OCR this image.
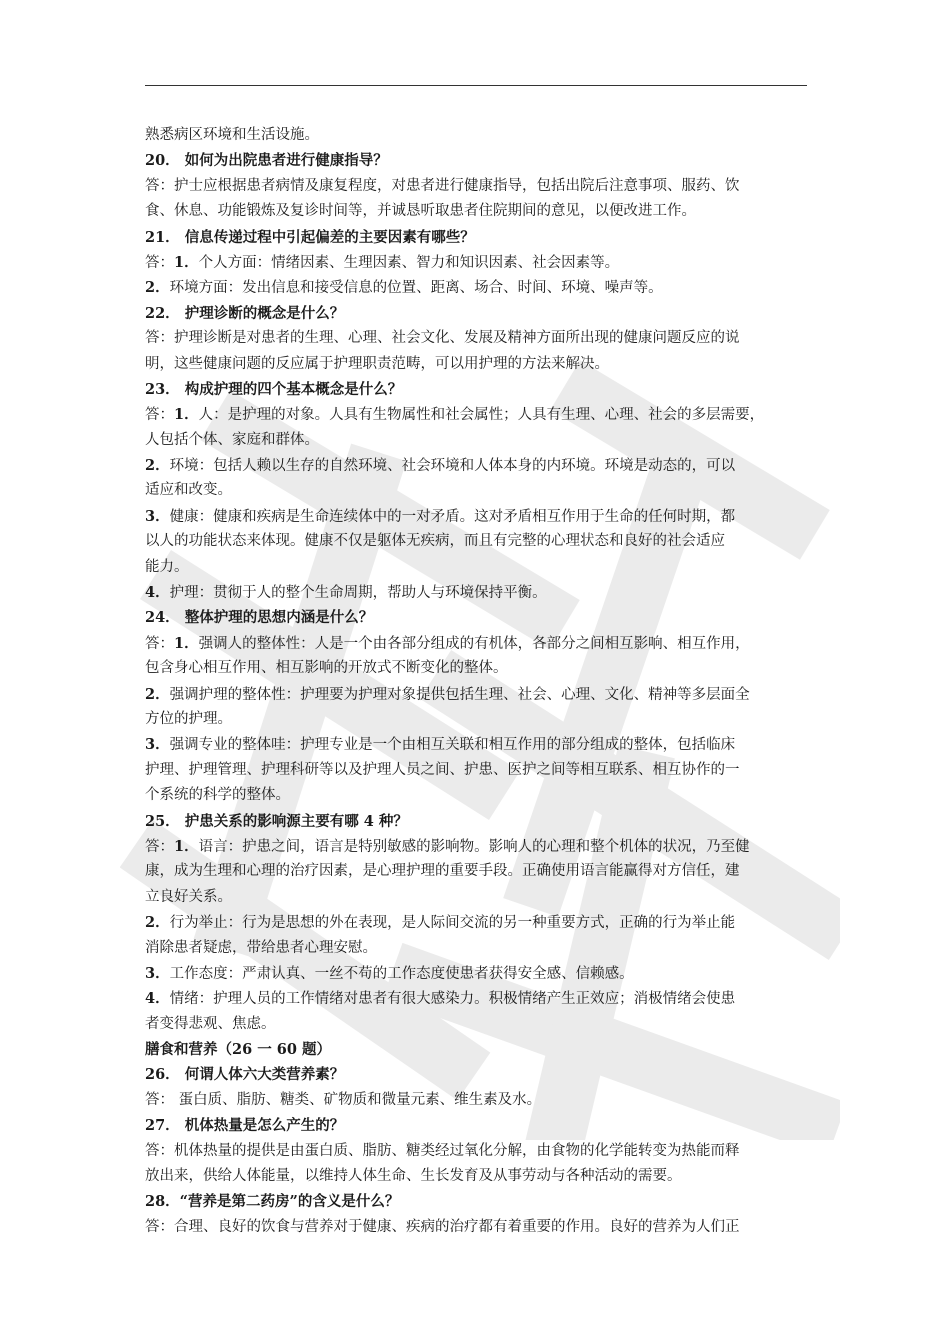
熟悉病区环境和生活设施。
20． 如何为出院患者进行健康指导？
答：护士应根据患者病情及康复程度，对患者进行健康指导，包括出院后注意事项、服药、饮
食、休息、功能锻炼及复诊时间等，并诚恳听取患者住院期间的意见，以便改进工作。
21． 信息传递过程中引起偏差的主要因素有哪些？
答：1．个人方面：情绪因素、生理因素、智力和知识因素、社会因素等。
2．环境方面：发出信息和接受信息的位置、距离、场合、时间、环境、噪声等。
22． 护理诊断的概念是什么？
答：护理诊断是对患者的生理、心理、社会文化、发展及精神方面所出现的健康问题反应的说
明，这些健康问题的反应属于护理职责范畴，可以用护理的方法来解决。
23． 构成护理的四个基本概念是什么？
答：1．人：是护理的对象。人具有生物属性和社会属性；人具有生理、心理、社会的多层需要，
人包括个体、家庭和群体。
2．环境：包括人赖以生存的自然环境、社会环境和人体本身的内环境。环境是动态的，可以
适应和改变。
3．健康：健康和疾病是生命连续体中的一对矛盾。这对矛盾相互作用于生命的任何时期，都
以人的功能状态来体现。健康不仅是躯体无疾病，而且有完整的心理状态和良好的社会适应
能力。
4．护理：贯彻于人的整个生命周期，帮助人与环境保持平衡。
24． 整体护理的思想内涵是什么？
答：1．强调人的整体性：人是一个由各部分组成的有机体，各部分之间相互影响、相互作用，
包含身心相互作用、相互影响的开放式不断变化的整体。
2．强调护理的整体性：护理要为护理对象提供包括生理、社会、心理、文化、精神等多层面全
方位的护理。
3．强调专业的整体哇：护理专业是一个由相互关联和相互作用的部分组成的整体，包括临床
护理、护理管理、护理科研等以及护理人员之间、护患、医护之间等相互联系、相互协作的一
个系统的科学的整体。
25． 护患关系的影响源主要有哪 4 种？
答：1．语言：护患之间，语言是特别敏感的影响物。影响人的心理和整个机体的状况，乃至健
康，成为生理和心理的治疗因素，是心理护理的重要手段。正确使用语言能赢得对方信任，建
立良好关系。
2．行为举止：行为是思想的外在表现，是人际间交流的另一种重要方式，正确的行为举止能
消除患者疑虑，带给患者心理安慰。
3．工作态度：严肃认真、一丝不苟的工作态度使患者获得安全感、信赖感。
4．情绪：护理人员的工作情绪对患者有很大感染力。积极情绪产生正效应；消极情绪会使患
者变得悲观、焦虑。
膳食和营养（26 一 60 题）
26． 何谓人体六大类营养素？
答： 蛋白质、脂肪、糖类、矿物质和微量元素、维生素及水。
27． 机体热量是怎么产生的？
答：机体热量的提供是由蛋白质、脂肪、糖类经过氧化分解，由食物的化学能转变为热能而释
放出来，供给人体能量，以维持人体生命、生长发育及从事劳动与各种活动的需要。
28．“营养是第二药房”的含义是什么？
答：合理、良好的饮食与营养对于健康、疾病的治疗都有着重要的作用。良好的营养为人们正
